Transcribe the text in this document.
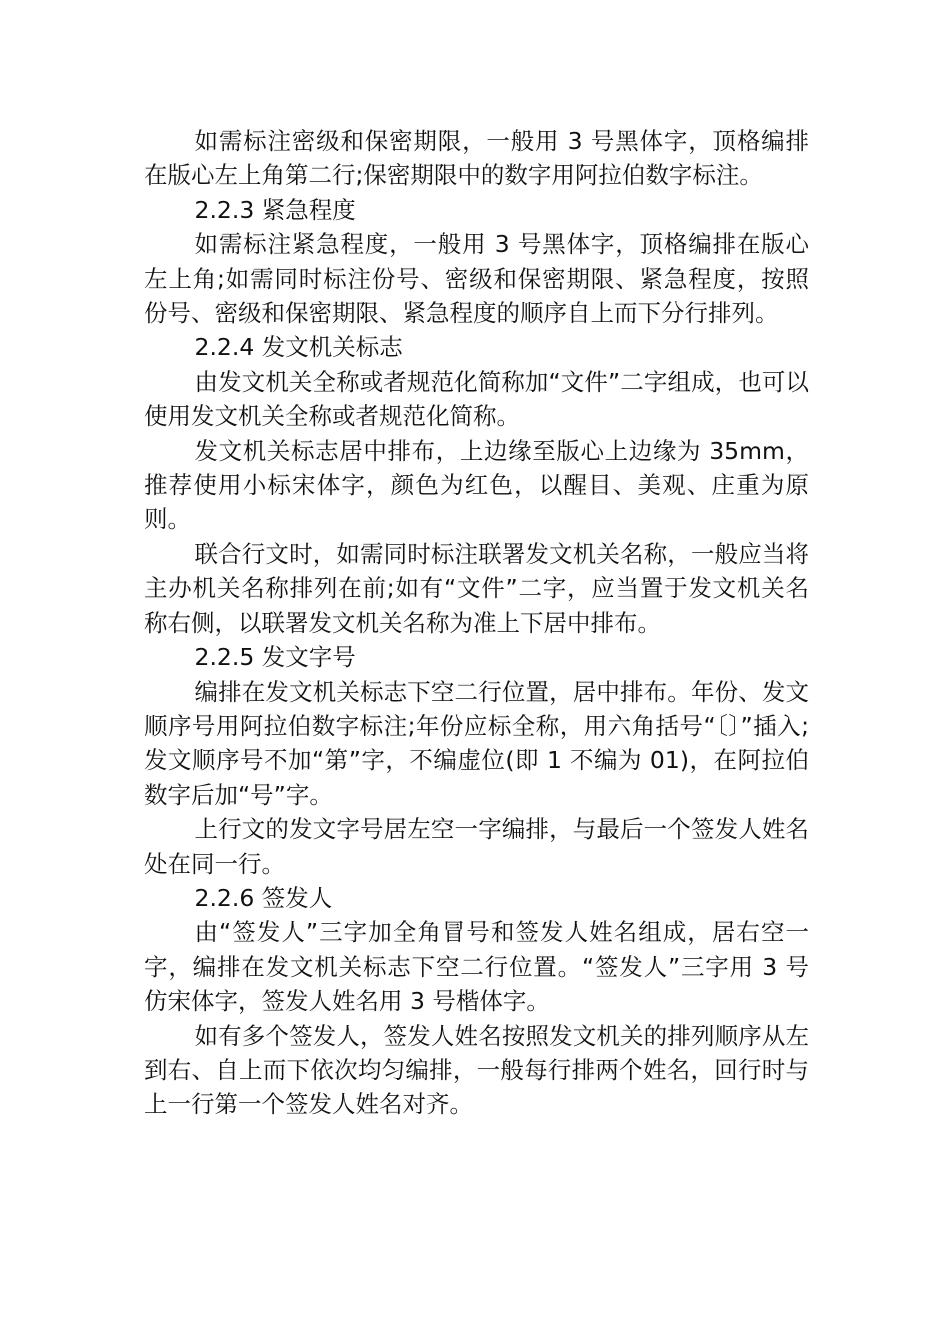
如需标注密级和保密期限，一般用 3 号黑体字，顶格编排在版心左上角第二行;保密期限中的数字用阿拉伯数字标注。

2.2.3 紧急程度

如需标注紧急程度，一般用 3 号黑体字，顶格编排在版心左上角;如需同时标注份号、密级和保密期限、紧急程度，按照份号、密级和保密期限、紧急程度的顺序自上而下分行排列。

2.2.4 发文机关标志

由发文机关全称或者规范化简称加“文件”二字组成，也可以使用发文机关全称或者规范化简称。

发文机关标志居中排布，上边缘至版心上边缘为 35mm，推荐使用小标宋体字，颜色为红色，以醒目、美观、庄重为原则。

联合行文时，如需同时标注联署发文机关名称，一般应当将主办机关名称排列在前;如有“文件”二字，应当置于发文机关名称右侧，以联署发文机关名称为准上下居中排布。

2.2.5 发文字号

编排在发文机关标志下空二行位置，居中排布。年份、发文顺序号用阿拉伯数字标注;年份应标全称，用六角括号“〔〕”插入;发文顺序号不加“第”字，不编虚位(即 1 不编为 01)，在阿拉伯数字后加“号”字。

上行文的发文字号居左空一字编排，与最后一个签发人姓名处在同一行。

2.2.6 签发人

由“签发人”三字加全角冒号和签发人姓名组成，居右空一字，编排在发文机关标志下空二行位置。“签发人”三字用 3 号仿宋体字，签发人姓名用 3 号楷体字。

如有多个签发人，签发人姓名按照发文机关的排列顺序从左到右、自上而下依次均匀编排，一般每行排两个姓名，回行时与上一行第一个签发人姓名对齐。
